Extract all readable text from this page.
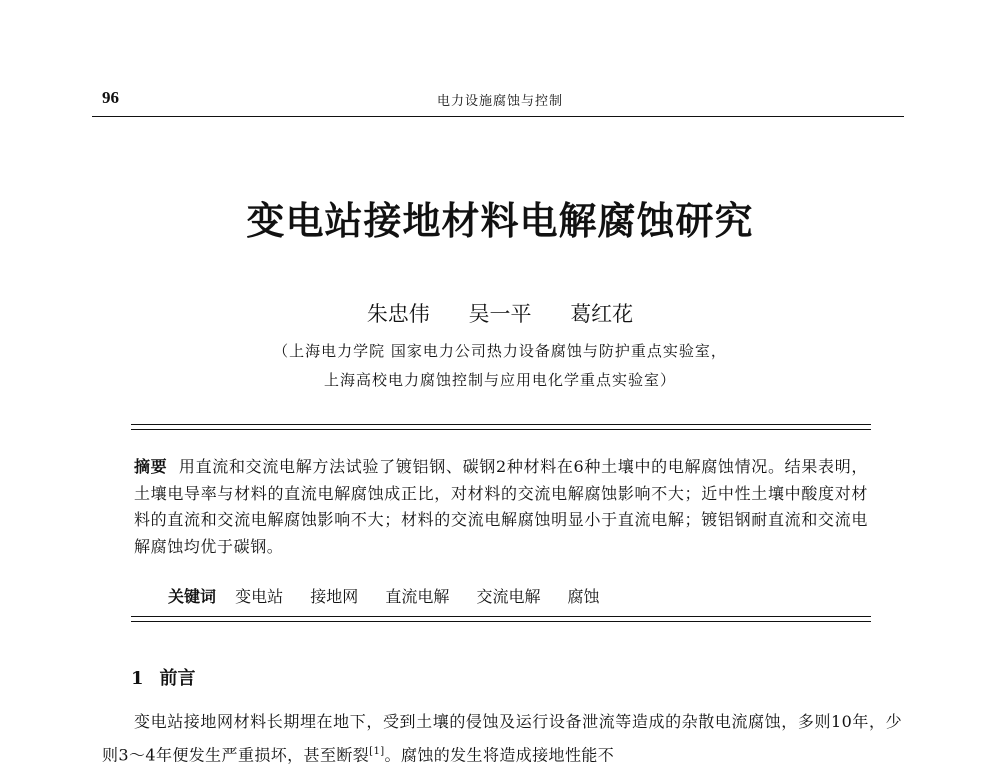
96	电力设施腐蚀与控制
变电站接地材料电解腐蚀研究
朱忠伟 吴一平 葛红花
（上海电力学院 国家电力公司热力设备腐蚀与防护重点实验室，
上海高校电力腐蚀控制与应用电化学重点实验室）
摘要 用直流和交流电解方法试验了镀铝钢、碳钢2种材料在6种土壤中的电解腐蚀情况。结果表明，土壤电导率与材料的直流电解腐蚀成正比，对材料的交流电解腐蚀影响不大；近中性土壤中酸度对材料的直流和交流电解腐蚀影响不大；材料的交流电解腐蚀明显小于直流电解；镀铝钢耐直流和交流电解腐蚀均优于碳钢。
关键词 变电站 接地网 直流电解 交流电解 腐蚀
1 前言

变电站接地网材料长期埋在地下，受到土壤的侵蚀及运行设备泄流等造成的杂散电流腐蚀，多则10年，少则3～4年便发生严重损坏，甚至断裂[1]。腐蚀的发生将造成接地性能不
